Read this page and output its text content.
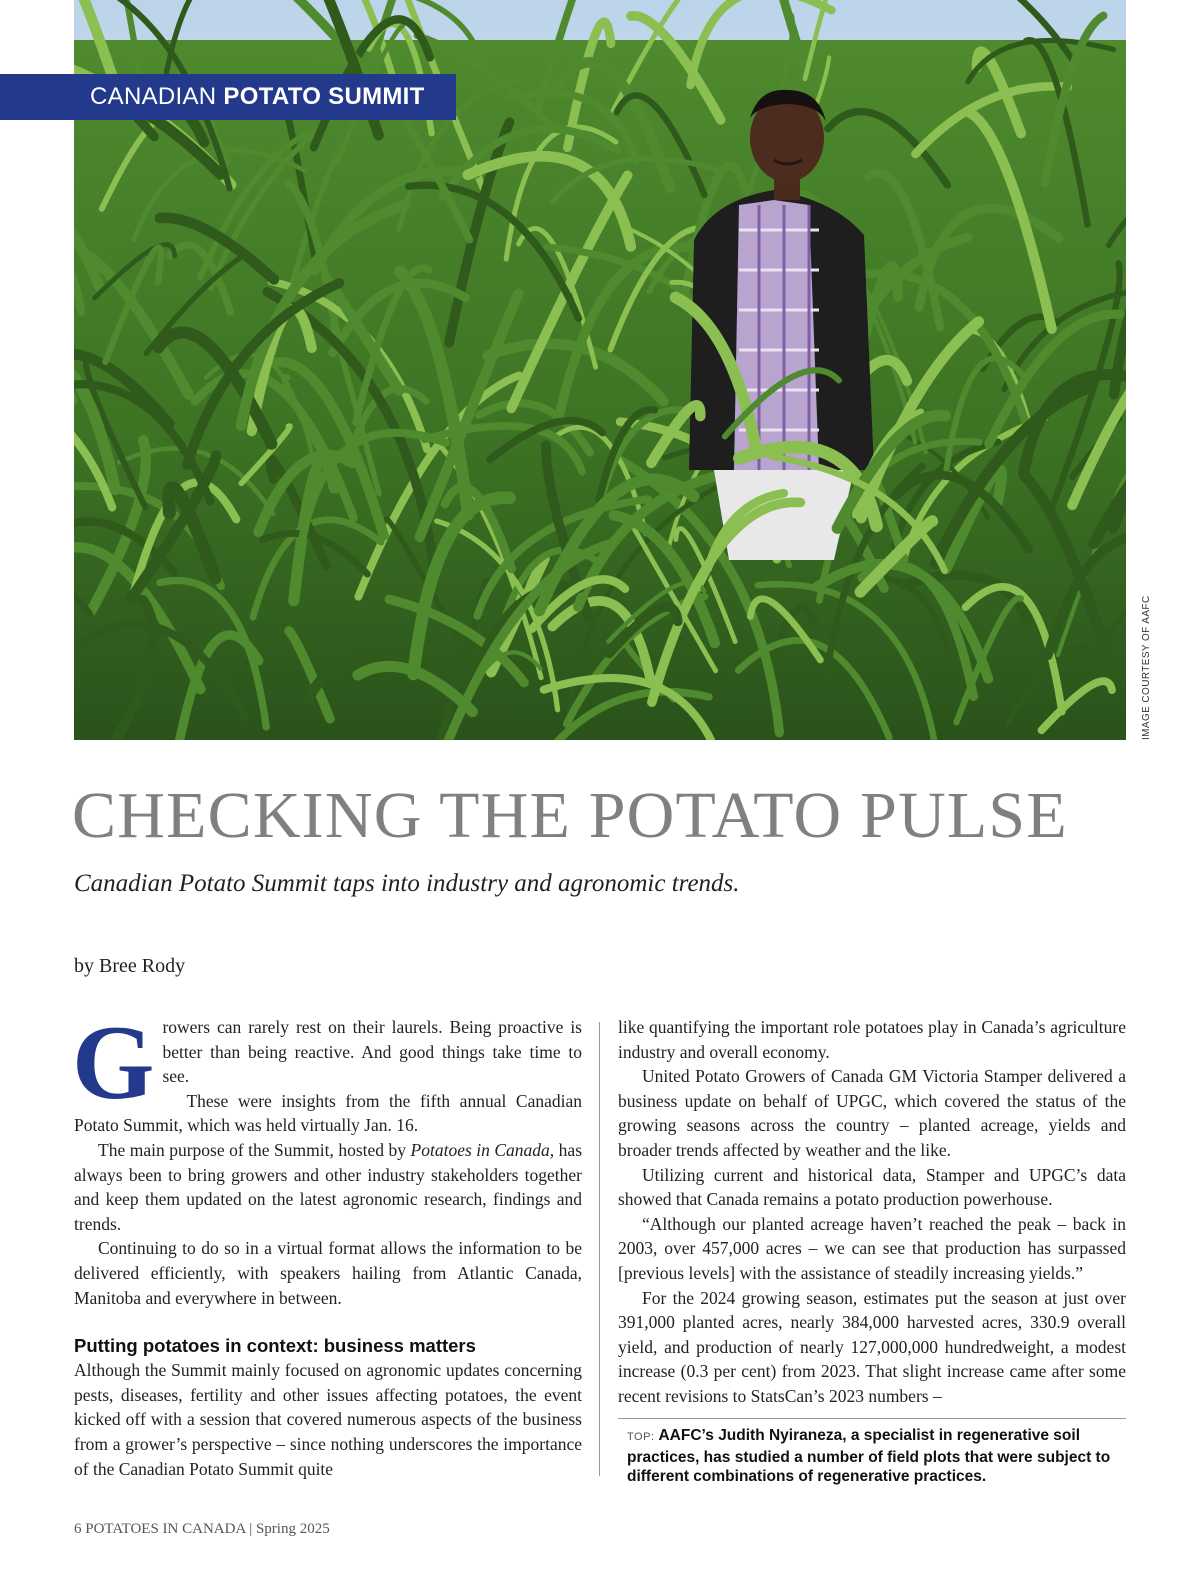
CANADIAN POTATO SUMMIT
IMAGE COURTESY OF AAFC
CHECKING THE POTATO PULSE
Canadian Potato Summit taps into industry and agronomic trends.
by Bree Rody

Growers can rarely rest on their laurels. Being proactive is better than being reactive. And good things take time to see.

These were insights from the fifth annual Canadian Potato Summit, which was held virtually Jan. 16.

The main purpose of the Summit, hosted by Potatoes in Canada, has always been to bring growers and other industry stakeholders together and keep them updated on the latest agronomic research, findings and trends.

Continuing to do so in a virtual format allows the information to be delivered efficiently, with speakers hailing from Atlantic Canada, Manitoba and everywhere in between.

Putting potatoes in context: business matters

Although the Summit mainly focused on agronomic updates concerning pests, diseases, fertility and other issues affecting potatoes, the event kicked off with a session that covered numerous aspects of the business from a grower’s perspective – since nothing underscores the importance of the Canadian Potato Summit quite

like quantifying the important role potatoes play in Canada’s agriculture industry and overall economy.

United Potato Growers of Canada GM Victoria Stamper delivered a business update on behalf of UPGC, which covered the status of the growing seasons across the country – planted acreage, yields and broader trends affected by weather and the like.

Utilizing current and historical data, Stamper and UPGC’s data showed that Canada remains a potato production powerhouse.

“Although our planted acreage haven’t reached the peak – back in 2003, over 457,000 acres – we can see that production has surpassed [previous levels] with the assistance of steadily increasing yields.”

For the 2024 growing season, estimates put the season at just over 391,000 planted acres, nearly 384,000 harvested acres, 330.9 overall yield, and production of nearly 127,000,000 hundredweight, a modest increase (0.3 per cent) from 2023. That slight increase came after some recent revisions to StatsCan’s 2023 numbers –

TOP: AAFC’s Judith Nyiraneza, a specialist in regenerative soil practices, has studied a number of field plots that were subject to different combinations of regenerative practices.
6 POTATOES IN CANADA | Spring 2025
